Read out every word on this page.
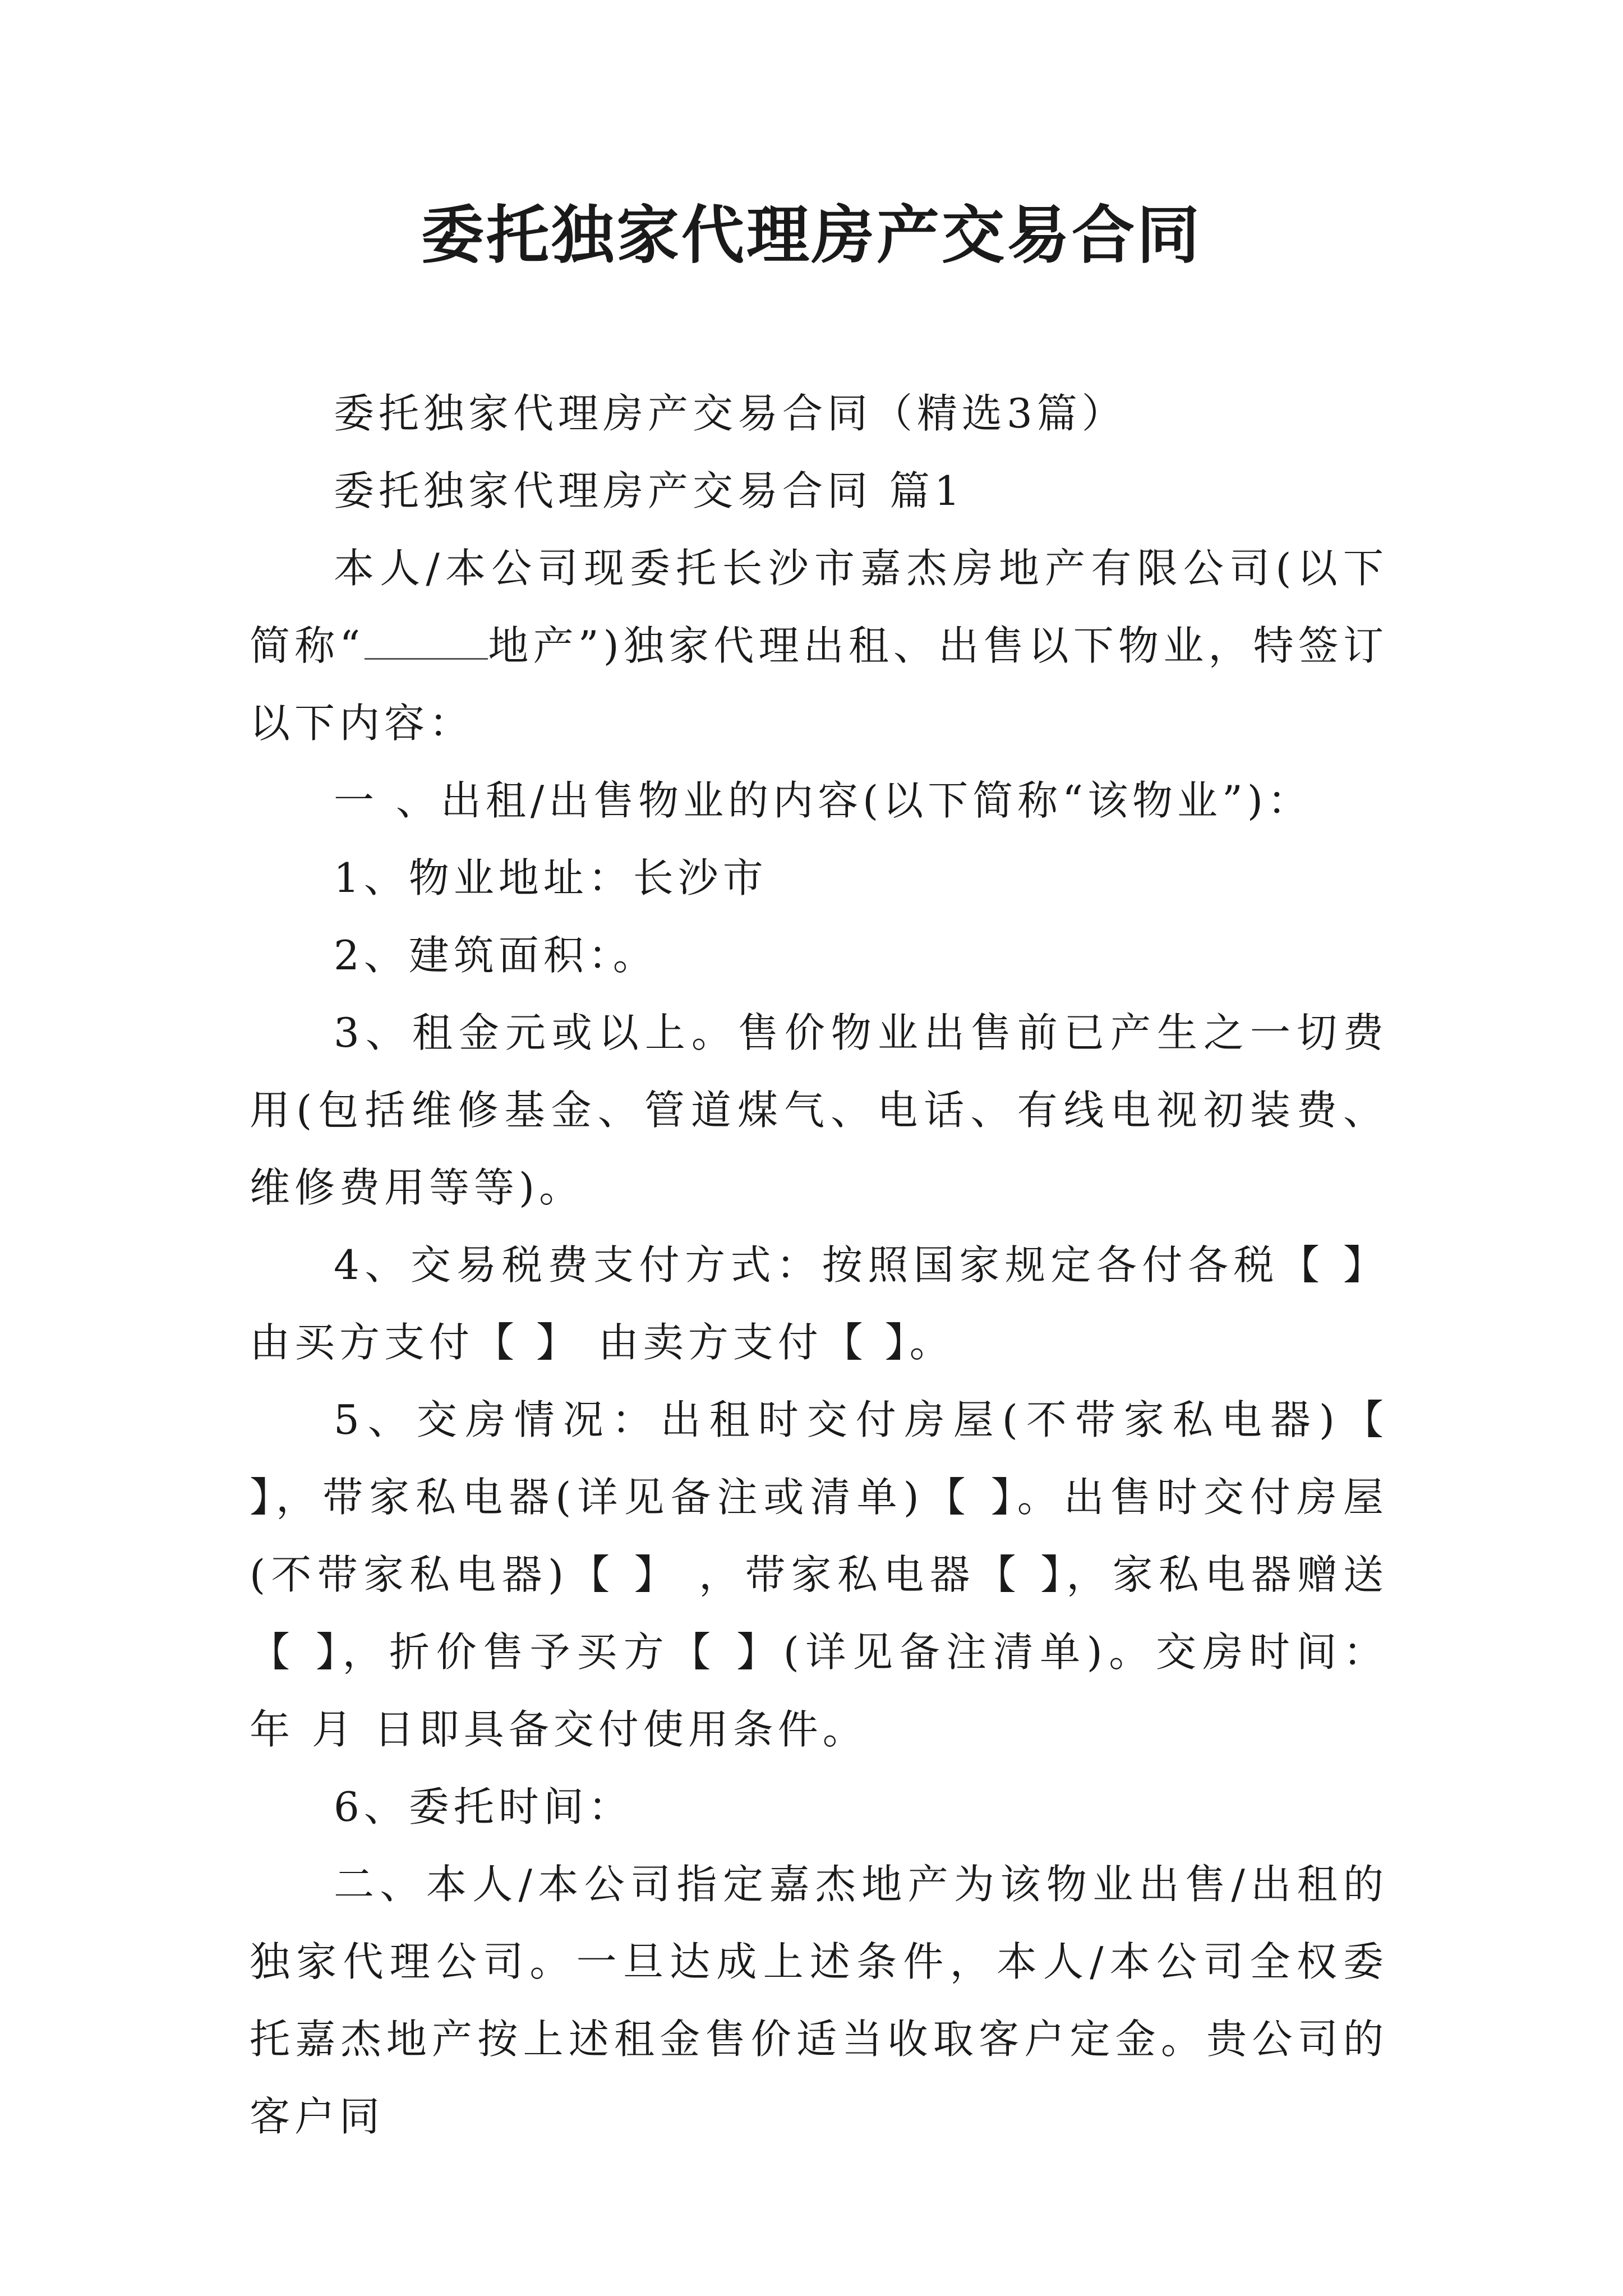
委托独家代理房产交易合同

委托独家代理房产交易合同（精选3篇）

委托独家代理房产交易合同 篇1

本人/本公司现委托长沙市嘉杰房地产有限公司(以下简称“	地产”)独家代理出租、出售以下物业，特签订以下内容：

一 、出租/出售物业的内容(以下简称“该物业”)：

1、物业地址：长沙市

2、建筑面积：。

3、租金元或以上。售价物业出售前已产生之一切费用(包括维修基金、管道煤气、电话、有线电视初装费、维修费用等等)。

4、交易税费支付方式：按照国家规定各付各税【 】由买方支付【 】 由卖方支付【 】。

5、交房情况：出租时交付房屋(不带家私电器)【 】，带家私电器(详见备注或清单)【 】。出售时交付房屋(不带家私电器)【 】 ，带家私电器【 】，家私电器赠送【 】，折价售予买方【 】(详见备注清单)。交房时间： 年 月 日即具备交付使用条件。

6、委托时间：

二、本人/本公司指定嘉杰地产为该物业出售/出租的独家代理公司。一旦达成上述条件，本人/本公司全权委托嘉杰地产按上述租金售价适当收取客户定金。贵公司的客户同
